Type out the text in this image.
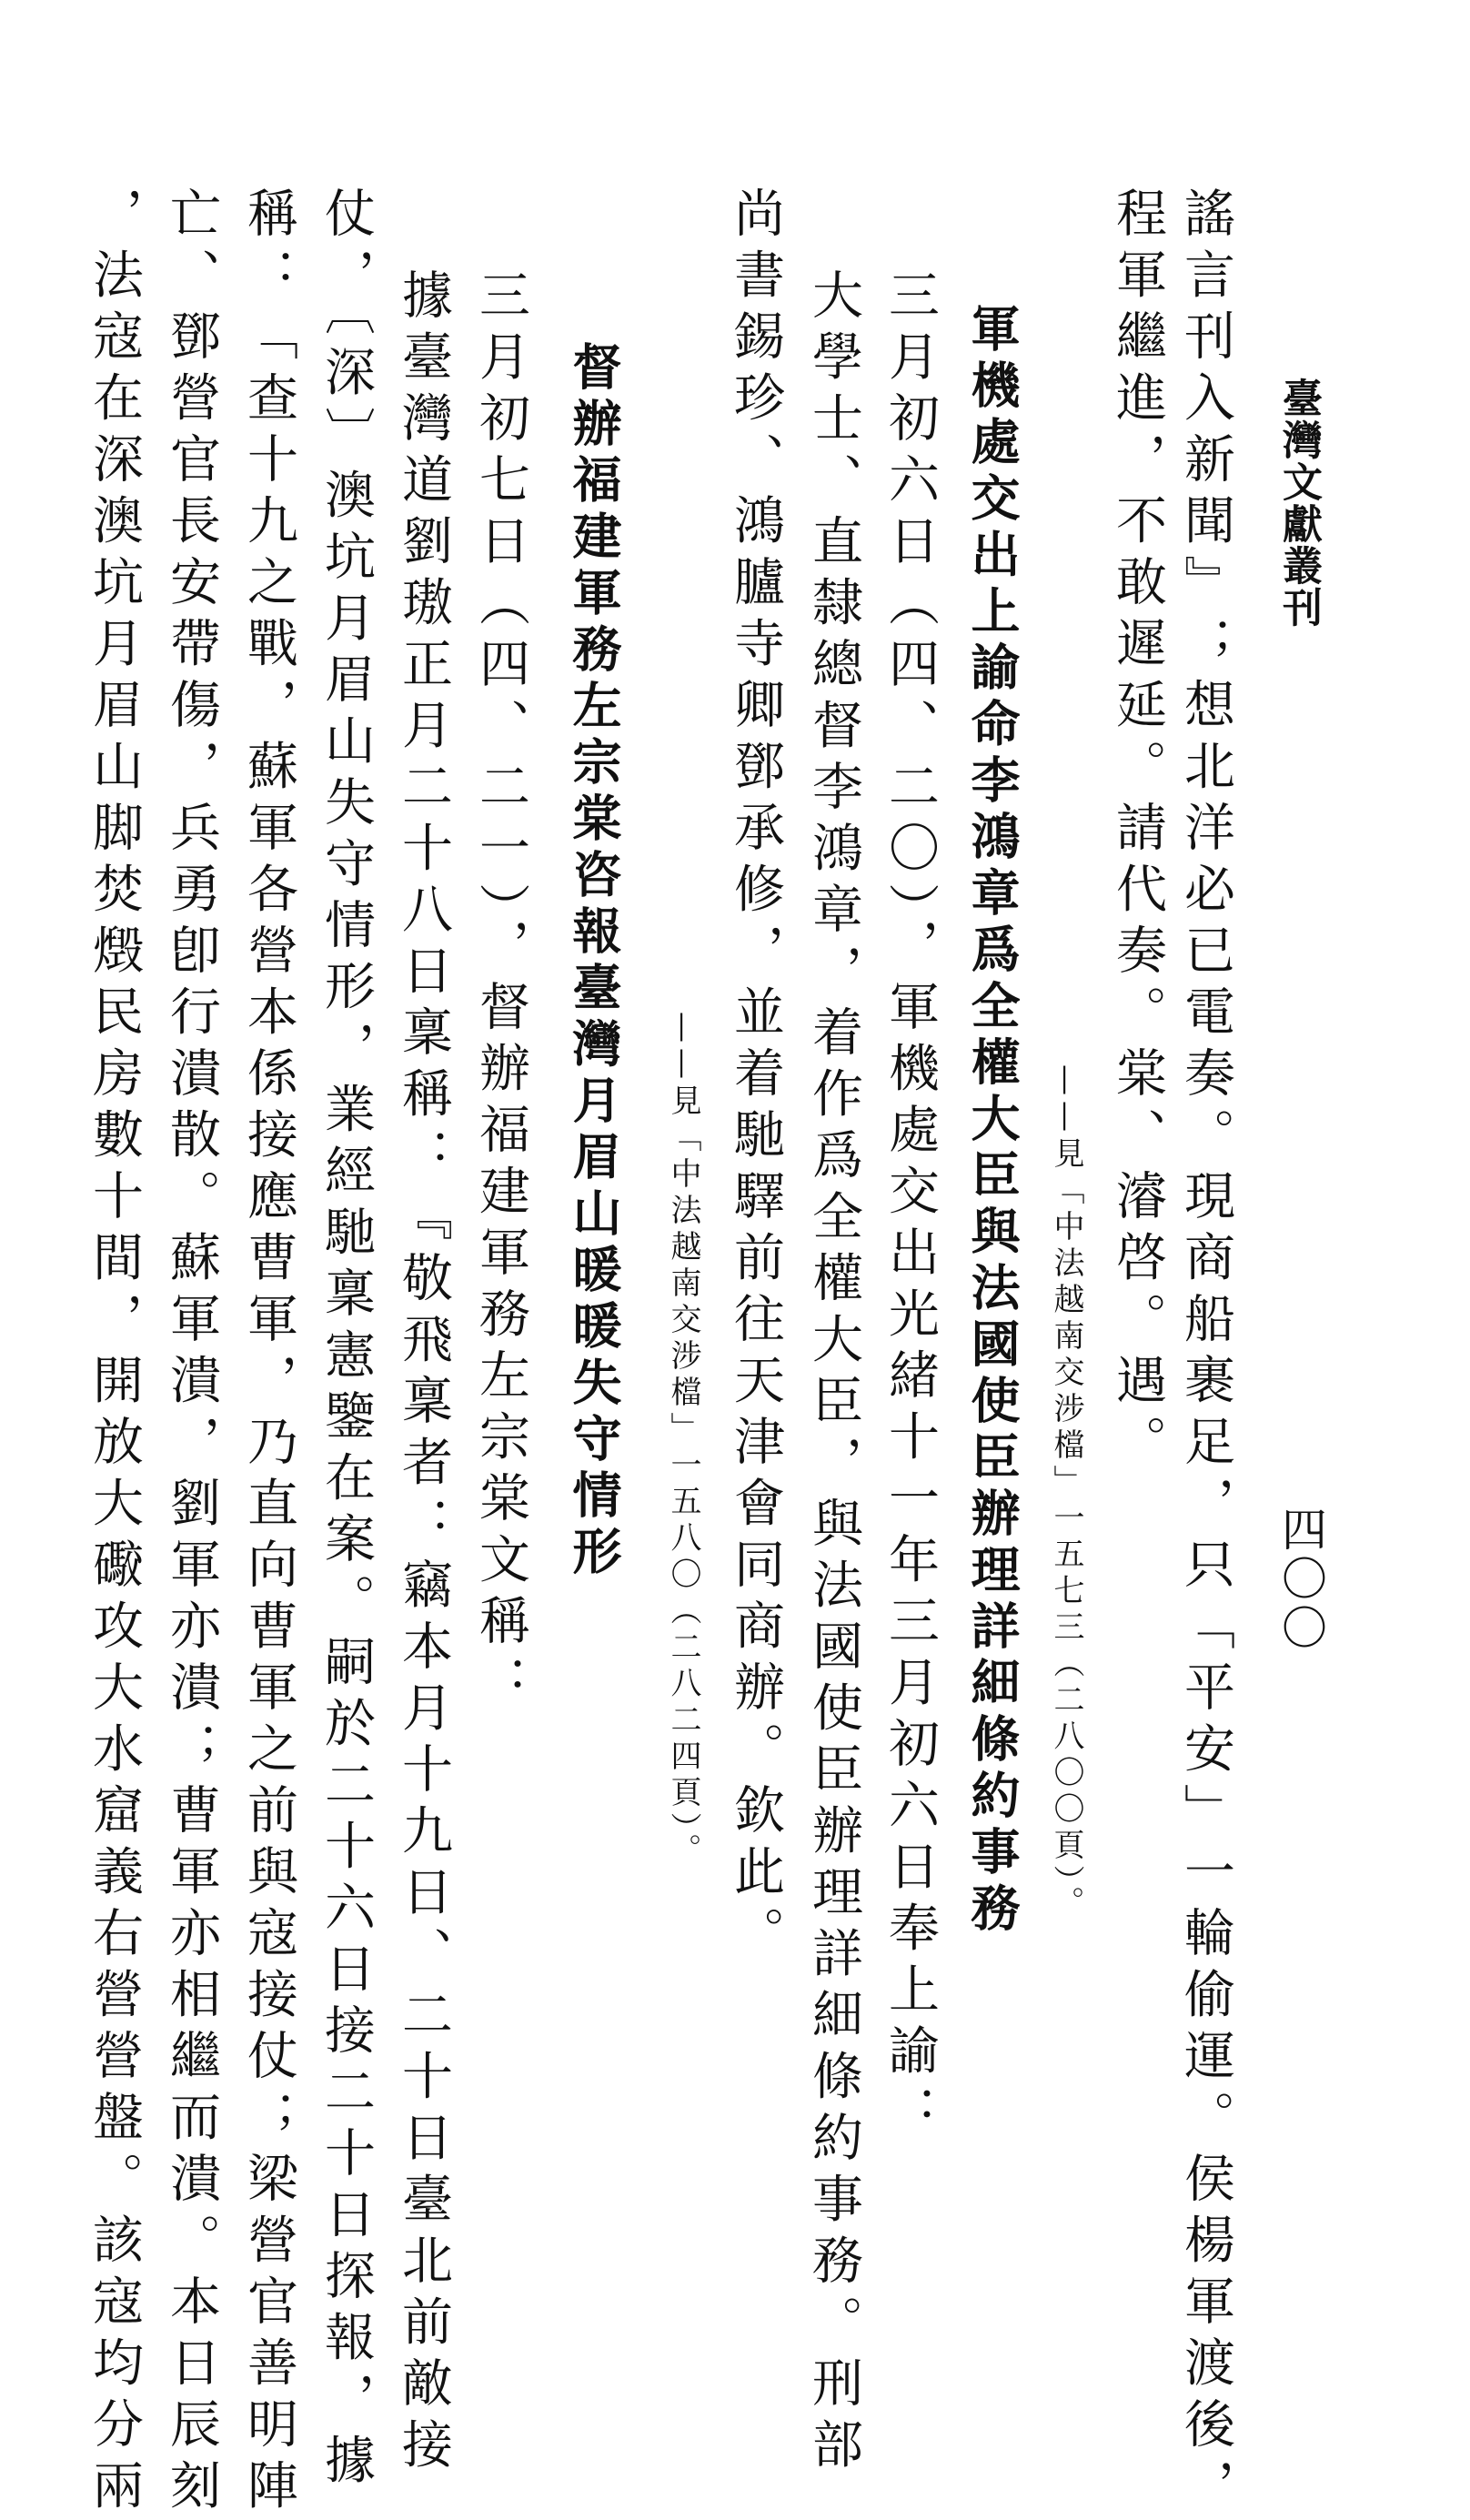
臺灣文獻叢刊
四〇〇
謠言刊入新聞』；想北洋必已電奏。現商船裹足，只「平安」一輪偷運。侯楊軍渡後，
程軍繼進，不敢遲延。請代奏。棠、濬啓。遇。
——見「中法越南交涉檔」一五七三（二八〇〇頁）。
軍機處交出上諭命李鴻章爲全權大臣與法國使臣辦理詳細條約事務
三月初六日（四、二〇），軍機處交出光緒十一年三月初六日奉上諭：
大學士、直隸總督李鴻章，着作爲全權大臣，與法國使臣辦理詳細條約事務。刑部
尚書錫珍、鴻臚寺卿鄧承修，並着馳驛前往天津會同商辦。欽此。
——見「中法越南交涉檔」一五八〇（二八二四頁）。
督辦福建軍務左宗棠咨報臺灣月眉山暖暖失守情形
三月初七日（四、二一），督辦福建軍務左宗棠文稱：
據臺灣道劉璈正月二十八日稟稱：『敬飛稟者：竊本月十九日、二十日臺北前敵接
仗，〔深〕澳坑月眉山失守情形，業經馳稟憲鑒在案。嗣於二十六日接二十日探報，據
稱：「查十九之戰，蘇軍各營本係接應曹軍，乃直向曹軍之前與寇接仗；梁營官善明陣
亡、鄧營官長安帶傷，兵勇卽行潰散。蘇軍潰，劉軍亦潰；曹軍亦相繼而潰。本日辰刻
，法寇在深澳坑月眉山脚焚燬民房數十間，開放大礮攻大水窟義右營營盤。該寇均分兩
